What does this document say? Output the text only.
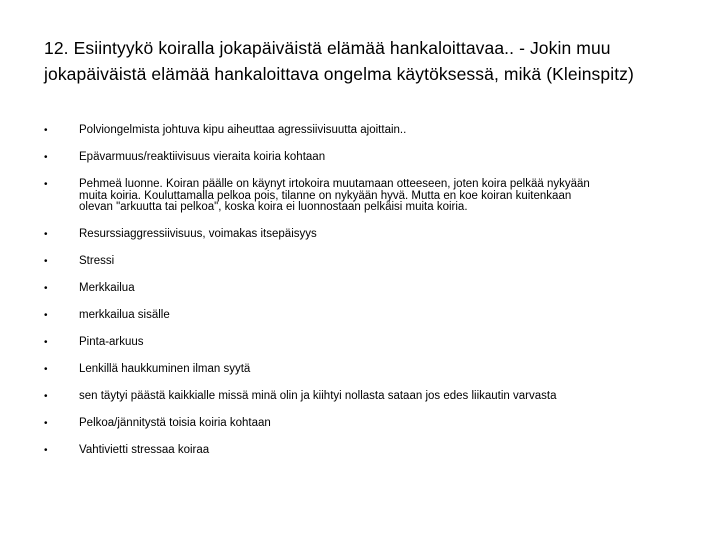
12. Esiintyykö koiralla jokapäiväistä elämää hankaloittavaa.. - Jokin muu jokapäiväistä elämää hankaloittava ongelma käytöksessä, mikä (Kleinspitz)
•	Polviongelmista johtuva kipu aiheuttaa agressiivisuutta ajoittain..
•	Epävarmuus/reaktiivisuus vieraita koiria kohtaan
•	Pehmeä luonne. Koiran päälle on käynyt irtokoira muutamaan otteeseen, joten koira pelkää nykyään
muita koiria. Kouluttamalla pelkoa pois, tilanne on nykyään hyvä. Mutta en koe koiran kuitenkaan
olevan "arkuutta tai pelkoa", koska koira ei luonnostaan pelkäisi muita koiria.
•	Resurssiaggressiivisuus, voimakas itsepäisyys
•	Stressi
•	Merkkailua
•	merkkailua sisälle
•	Pinta-arkuus
•	Lenkillä haukkuminen ilman syytä
•	sen täytyi päästä kaikkialle missä minä olin ja kiihtyi nollasta sataan jos edes liikautin varvasta
•	Pelkoa/jännitystä toisia koiria kohtaan
•	Vahtivietti stressaa koiraa
